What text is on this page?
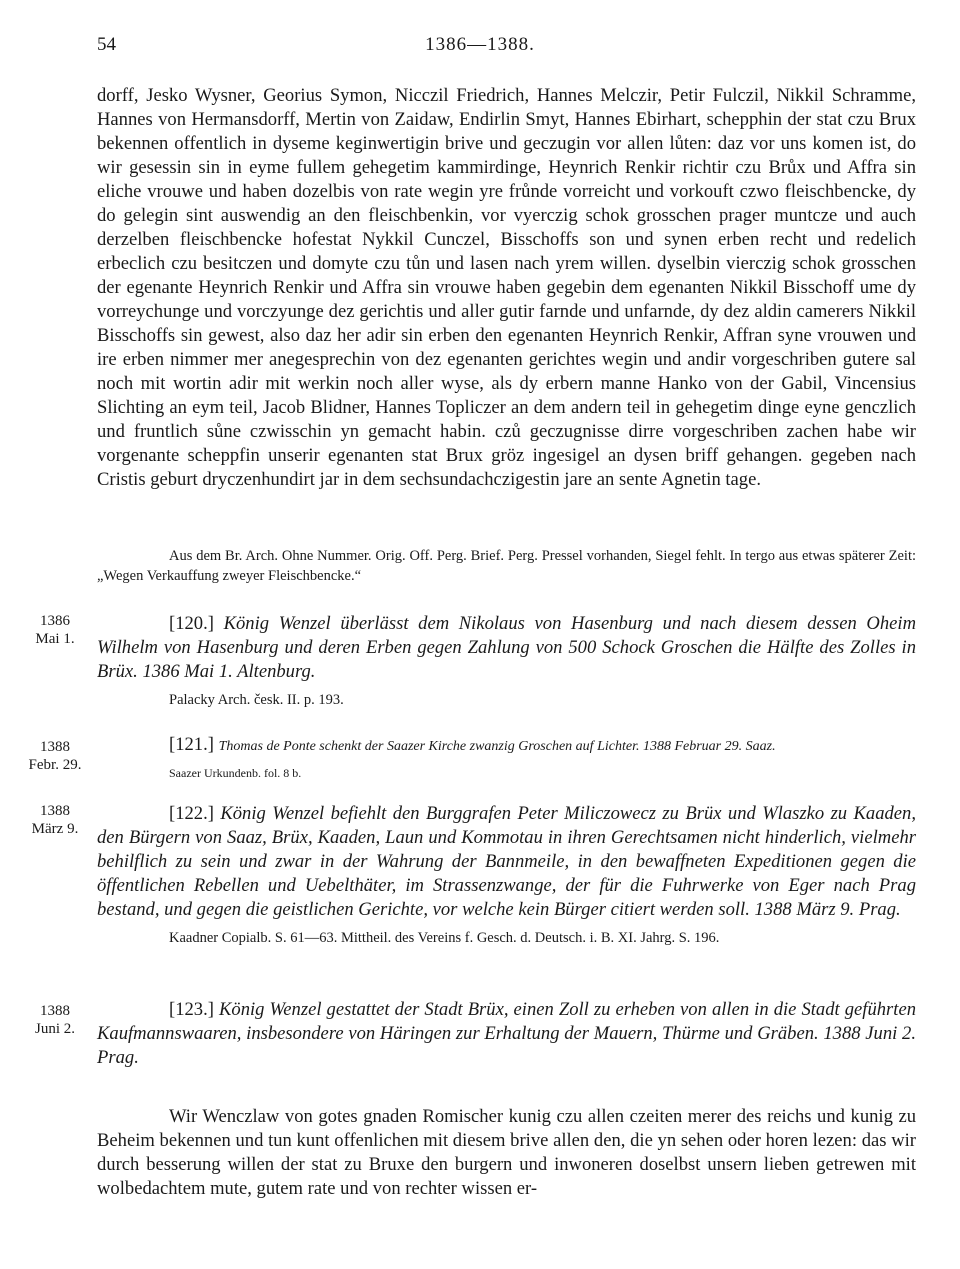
54	1386—1388.

dorff, Jesko Wysner, Georius Symon, Nicczil Friedrich, Hannes Melczir, Petir Fulczil, Nikkil Schramme, Hannes von Hermansdorff, Mertin von Zaidaw, Endirlin Smyt, Hannes Ebirhart, schepphin der stat czu Brux bekennen offentlich in dyseme keginwertigin brive und geczugin vor allen lůten: daz vor uns komen ist, do wir gesessin sin in eyme fullem gehegetim kammirdinge, Heynrich Renkir richtir czu Brůx und Affra sin eliche vrouwe und haben dozelbis von rate wegin yre frůnde vorreicht und vorkouft czwo fleischbencke, dy do gelegin sint auswendig an den fleischbenkin, vor vyerczig schok grosschen prager muntcze und auch derzelben fleischbencke hofestat Nykkil Cunczel, Bisschoffs son und synen erben recht und redelich erbeclich czu besitczen und domyte czu tůn und lasen nach yrem willen. dyselbin vierczig schok grosschen der egenante Heynrich Renkir und Affra sin vrouwe haben gegebin dem egenanten Nikkil Bisschoff ume dy vorreychunge und vorczyunge dez gerichtis und aller gutir farnde und unfarnde, dy dez aldin camerers Nikkil Bisschoffs sin gewest, also daz her adir sin erben den egenanten Heynrich Renkir, Affran syne vrouwen und ire erben nimmer mer anegesprechin von dez egenanten gerichtes wegin und andir vorgeschriben gutere sal noch mit wortin adir mit werkin noch aller wyse, als dy erbern manne Hanko von der Gabil, Vincensius Slichting an eym teil, Jacob Blidner, Hannes Topliczer an dem andern teil in gehegetim dinge eyne genczlich und fruntlich sůne czwisschin yn gemacht habin. czů geczugnisse dirre vorgeschriben zachen habe wir vorgenante scheppfin unserir egenanten stat Brux gröz ingesigel an dysen briff gehangen. gegeben nach Cristis geburt dryczenhundirt jar in dem sechsundachczigestin jare an sente Agnetin tage.

Aus dem Br. Arch. Ohne Nummer. Orig. Off. Perg. Brief. Perg. Pressel vorhanden, Siegel fehlt. In tergo aus etwas späterer Zeit: „Wegen Verkauffung zweyer Fleischbencke.“

1386
Mai 1.

[120.] König Wenzel überlässt dem Nikolaus von Hasenburg und nach diesem dessen Oheim Wilhelm von Hasenburg und deren Erben gegen Zahlung von 500 Schock Groschen die Hälfte des Zolles in Brüx. 1386 Mai 1. Altenburg.

Palacky Arch. česk. II. p. 193.

1388
Febr. 29.

[121.] Thomas de Ponte schenkt der Saazer Kirche zwanzig Groschen auf Lichter. 1388 Februar 29. Saaz.

Saazer Urkundenb. fol. 8 b.

1388
März 9.

[122.] König Wenzel befiehlt den Burggrafen Peter Miliczowecz zu Brüx und Wlaszko zu Kaaden, den Bürgern von Saaz, Brüx, Kaaden, Laun und Kommotau in ihren Gerechtsamen nicht hinderlich, vielmehr behilflich zu sein und zwar in der Wahrung der Bannmeile, in den bewaffneten Expeditionen gegen die öffentlichen Rebellen und Uebelthäter, im Strassenzwange, der für die Fuhrwerke von Eger nach Prag bestand, und gegen die geistlichen Gerichte, vor welche kein Bürger citiert werden soll. 1388 März 9. Prag.

Kaadner Copialb. S. 61—63. Mittheil. des Vereins f. Gesch. d. Deutsch. i. B. XI. Jahrg. S. 196.

1388
Juni 2.

[123.] König Wenzel gestattet der Stadt Brüx, einen Zoll zu erheben von allen in die Stadt geführten Kaufmannswaaren, insbesondere von Häringen zur Erhaltung der Mauern, Thürme und Gräben. 1388 Juni 2. Prag.

Wir Wenczlaw von gotes gnaden Romischer kunig czu allen czeiten merer des reichs und kunig zu Beheim bekennen und tun kunt offenlichen mit diesem brive allen den, die yn sehen oder horen lezen: das wir durch besserung willen der stat zu Bruxe den burgern und inwoneren doselbst unsern lieben getrewen mit wolbedachtem mute, gutem rate und von rechter wissen er-
